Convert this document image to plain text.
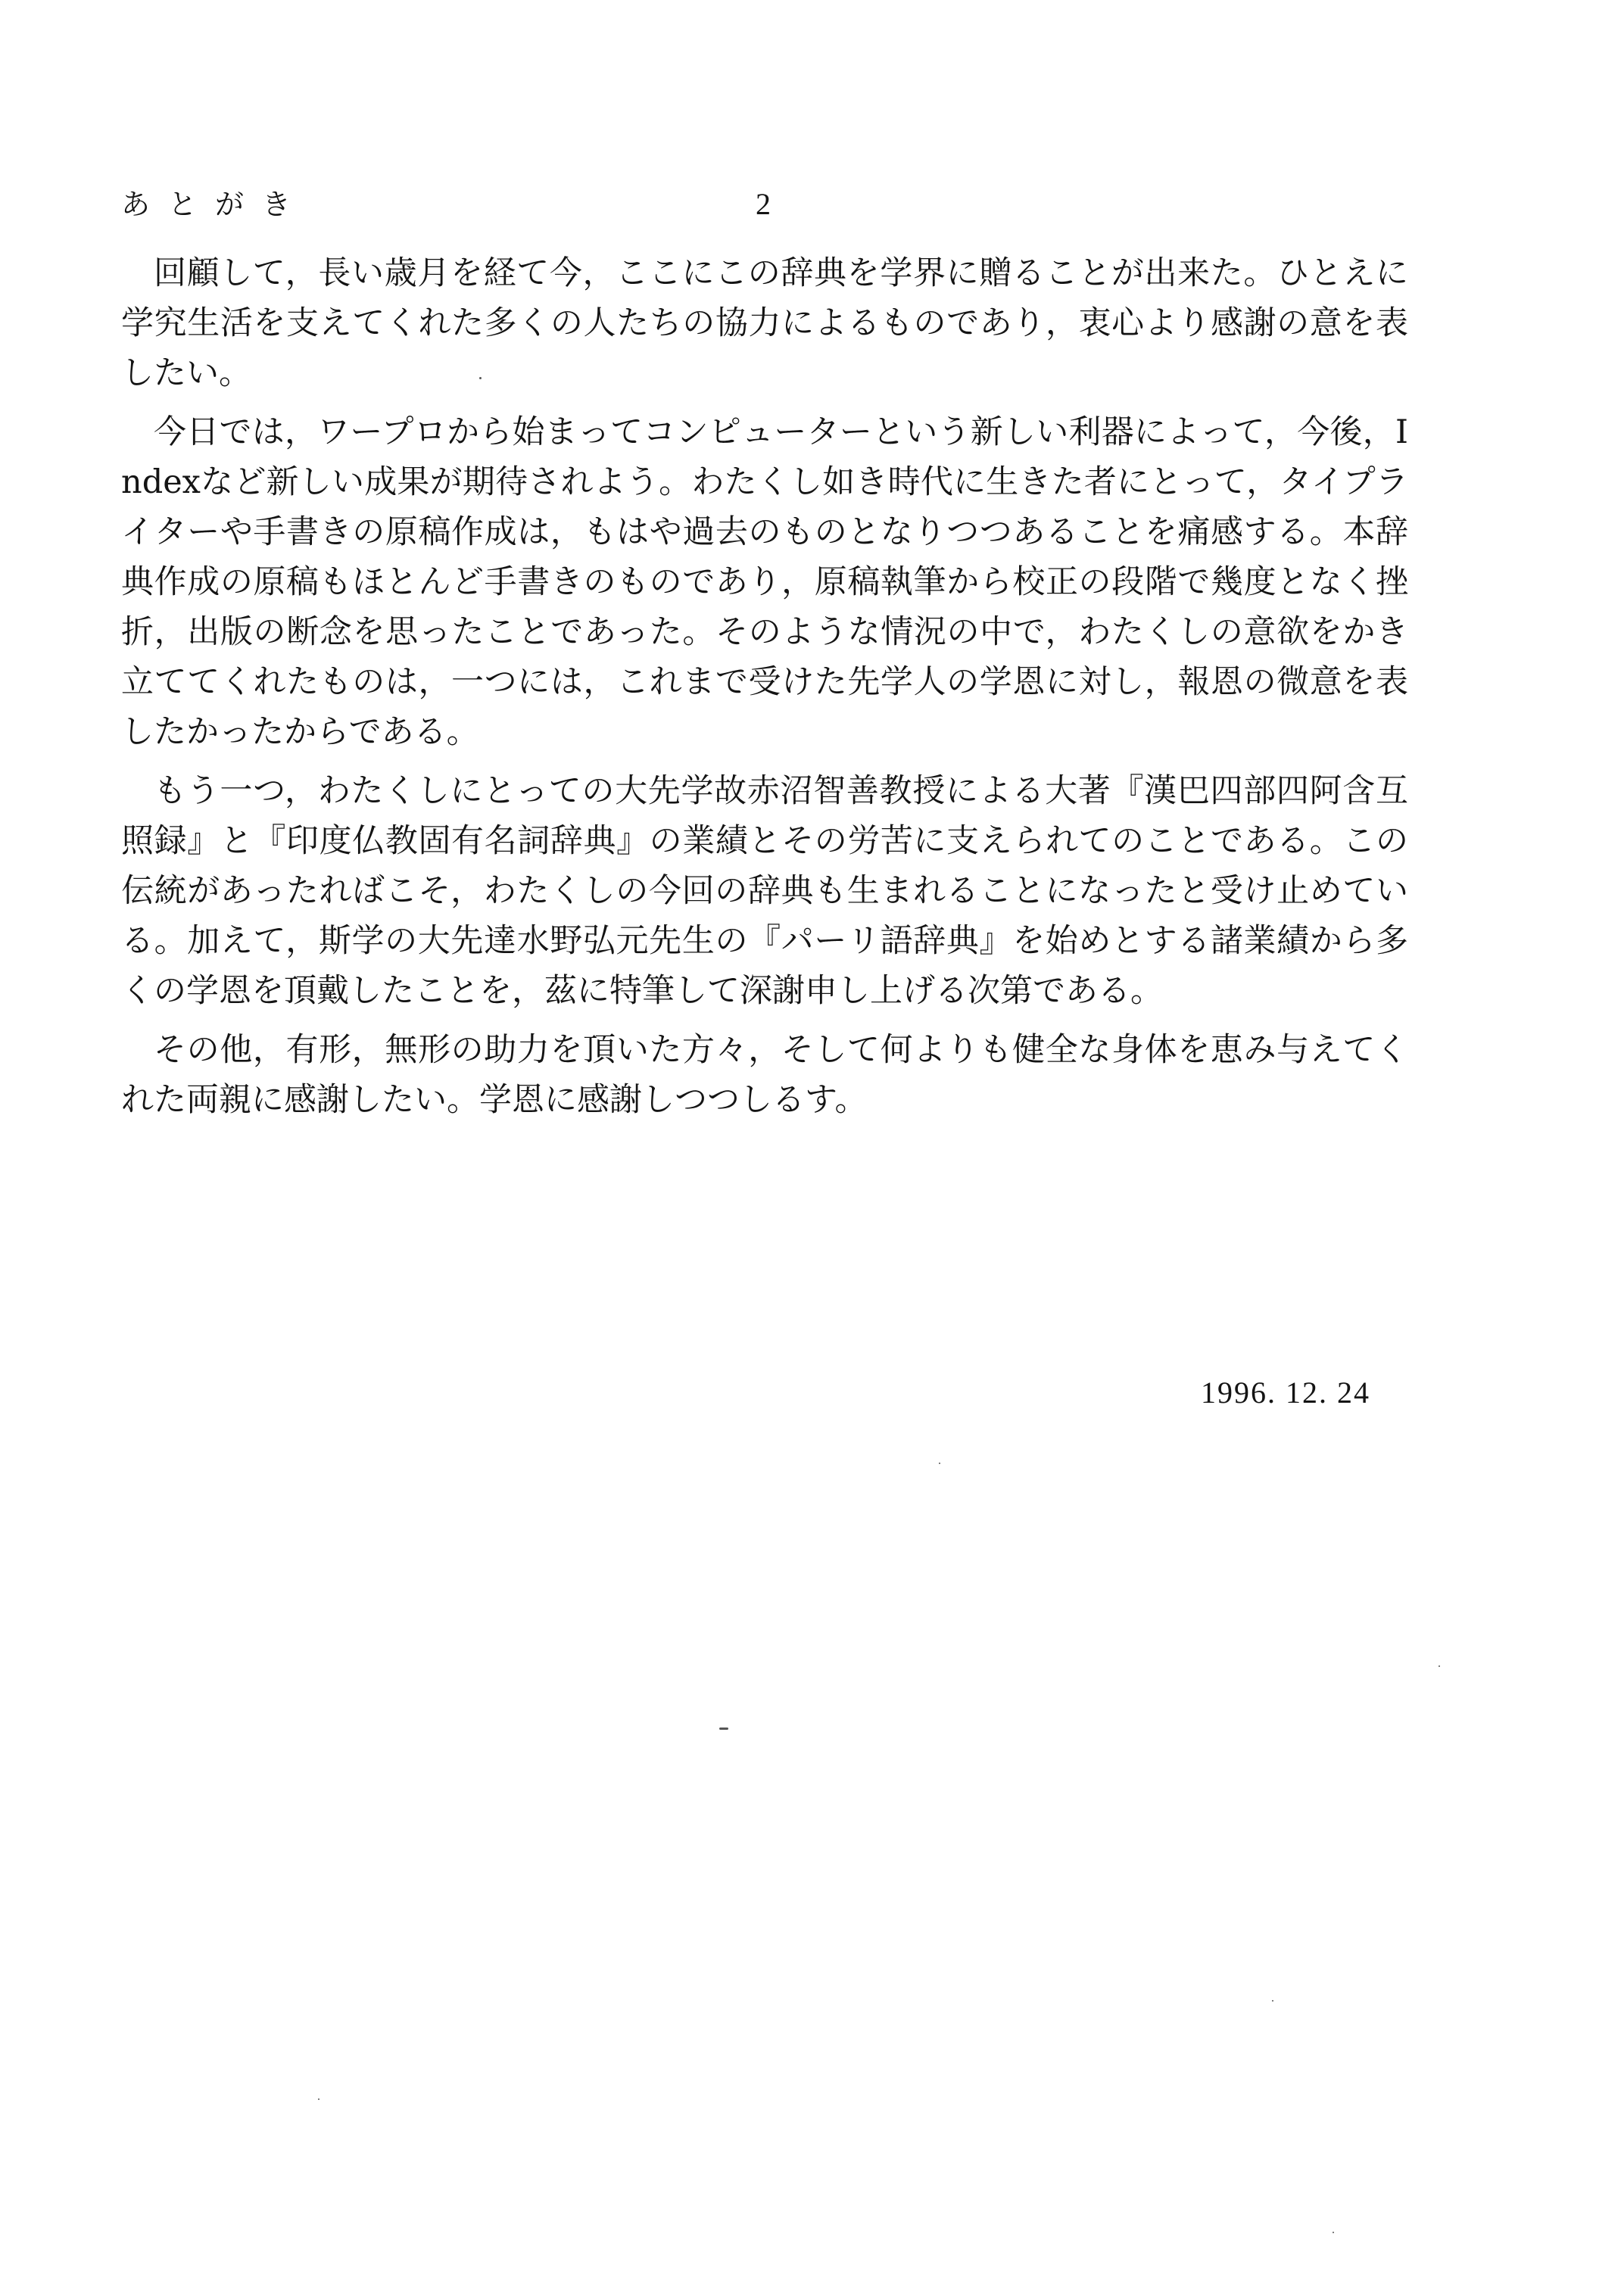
あとがき	2

回顧して，長い歳月を経て今，ここにこの辞典を学界に贈ることが出来た。ひとえに学究生活を支えてくれた多くの人たちの協力によるものであり，衷心より感謝の意を表したい。

今日では，ワープロから始まってコンピューターという新しい利器によって，今後，Indexなど新しい成果が期待されよう。わたくし如き時代に生きた者にとって，タイプライターや手書きの原稿作成は，もはや過去のものとなりつつあることを痛感する。本辞典作成の原稿もほとんど手書きのものであり，原稿執筆から校正の段階で幾度となく挫折，出版の断念を思ったことであった。そのような情況の中で，わたくしの意欲をかき立ててくれたものは，一つには，これまで受けた先学人の学恩に対し，報恩の微意を表したかったからである。

もう一つ，わたくしにとっての大先学故赤沼智善教授による大著『漢巴四部四阿含互照録』と『印度仏教固有名詞辞典』の業績とその労苦に支えられてのことである。この伝統があったればこそ，わたくしの今回の辞典も生まれることになったと受け止めている。加えて，斯学の大先達水野弘元先生の『パーリ語辞典』を始めとする諸業績から多くの学恩を頂戴したことを，茲に特筆して深謝申し上げる次第である。

その他，有形，無形の助力を頂いた方々，そして何よりも健全な身体を恵み与えてくれた両親に感謝したい。学恩に感謝しつつしるす。

1996. 12. 24
